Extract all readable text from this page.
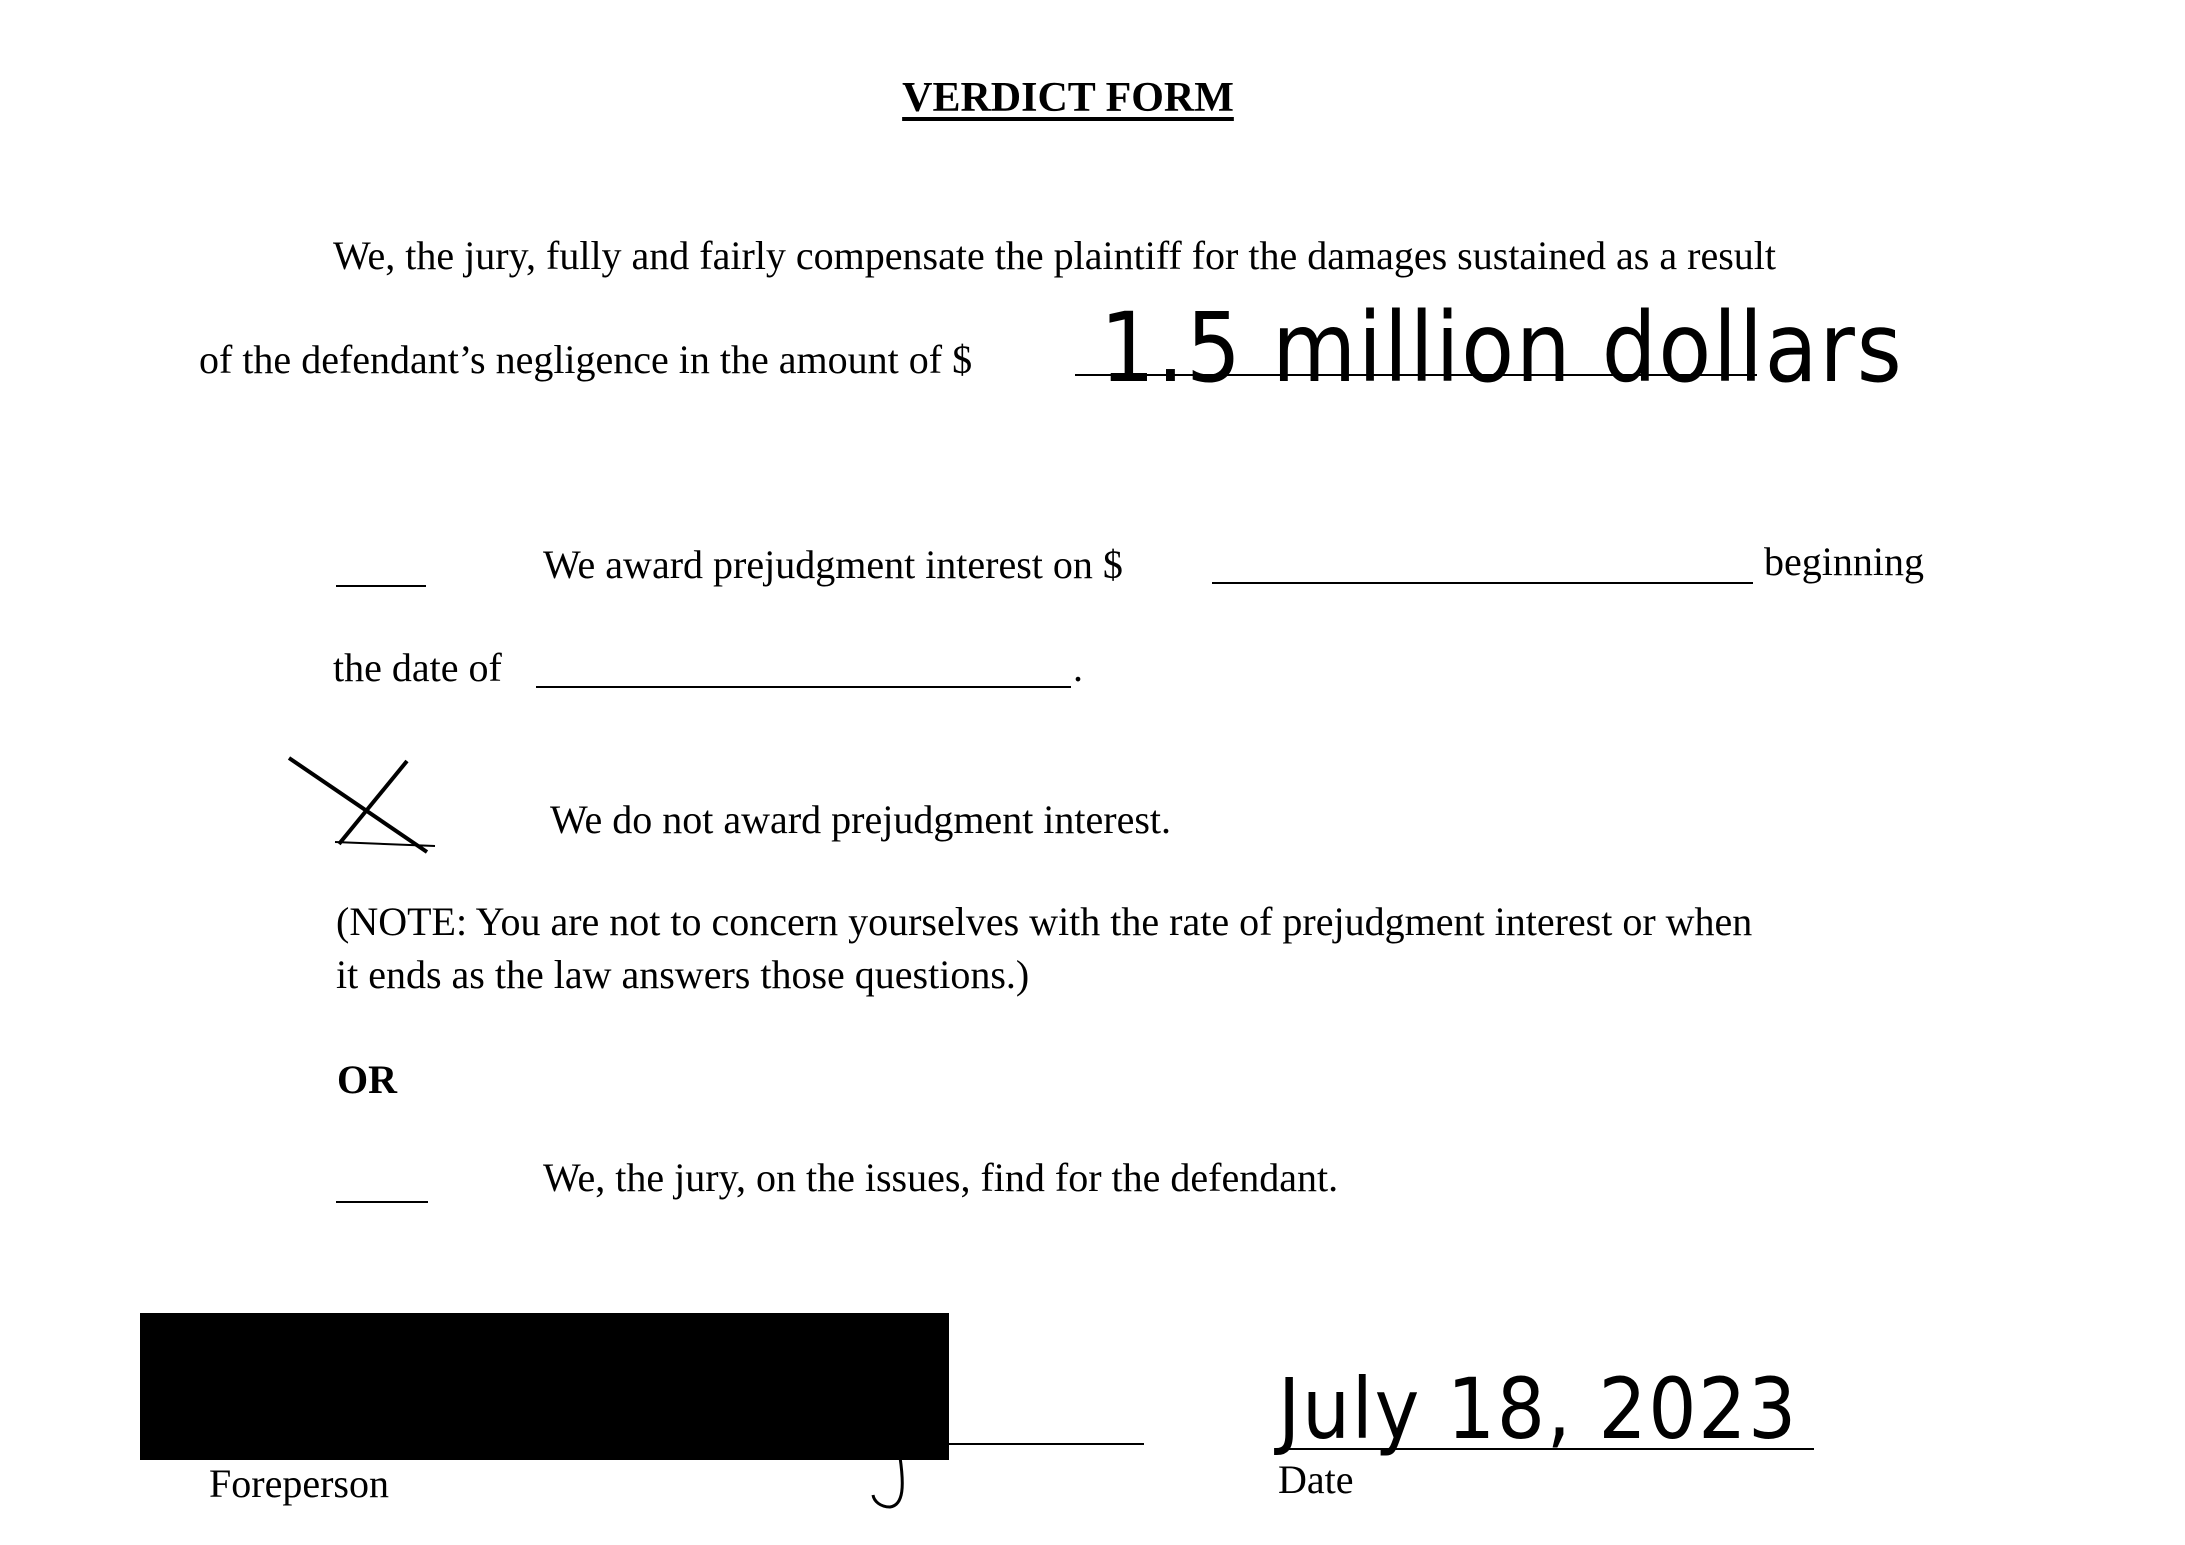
VERDICT FORM
We, the jury, fully and fairly compensate the plaintiff for the damages sustained as a result
of the defendant’s negligence in the amount of $ 1.5 million dollars
We award prejudgment interest on $	beginning
the date of	.
We do not award prejudgment interest.
(NOTE: You are not to concern yourselves with the rate of prejudgment interest or when
it ends as the law answers those questions.)
OR
We, the jury, on the issues, find for the defendant.
Foreperson
July 18, 2023
Date
